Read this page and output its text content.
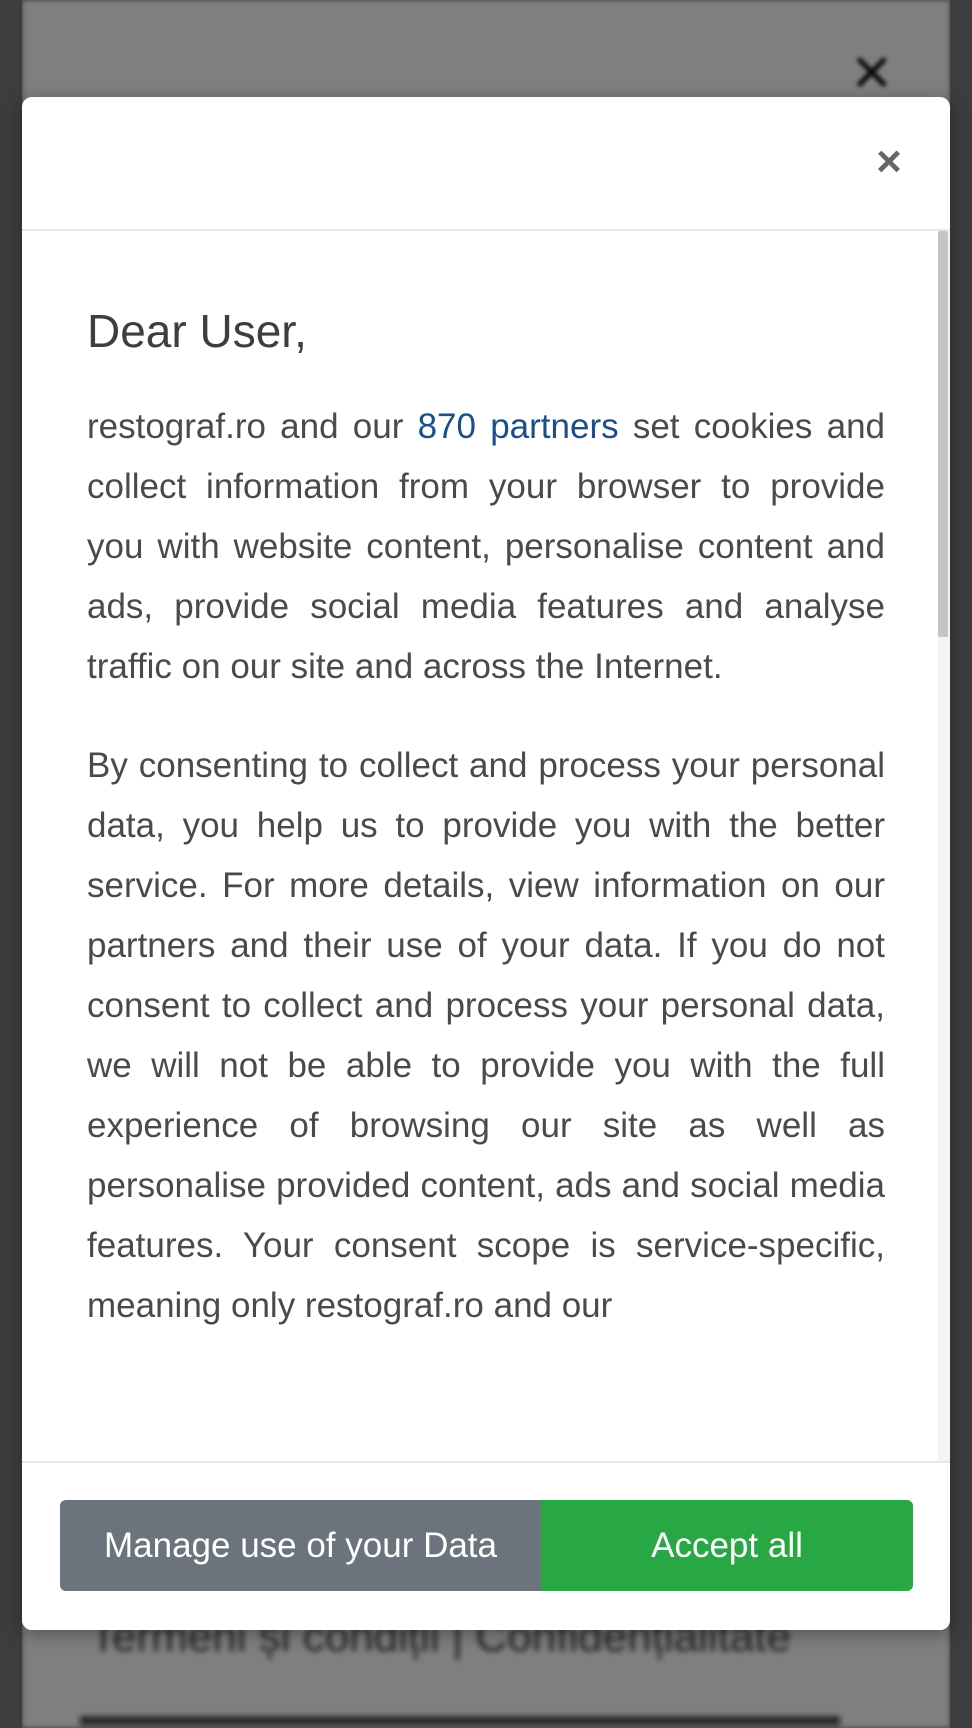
×
Dear User,

restograf.ro and our 870 partners set cookies and collect information from your browser to provide you with website content, personalise content and ads, provide social media features and analyse traffic on our site and across the Internet.

By consenting to collect and process your personal data, you help us to provide you with the better service. For more details, view information on our partners and their use of your data. If you do not consent to collect and process your personal data, we will not be able to provide you with the full experience of browsing our site as well as personalise provided content, ads and social media features. Your consent scope is service-specific, meaning only restograf.ro and our

Manage use of your Data	Accept all
